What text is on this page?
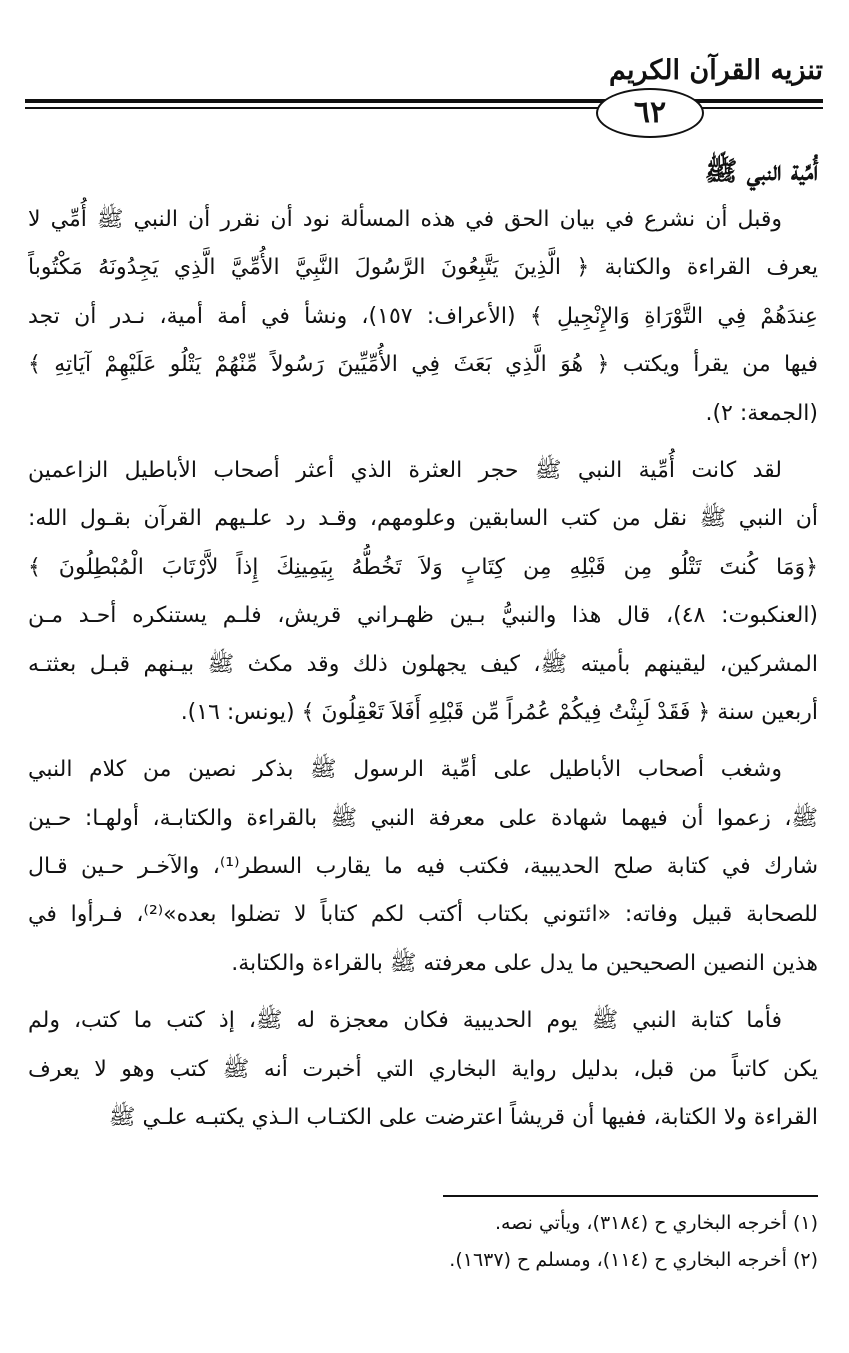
تنزيه القرآن الكريم
٦٢
أُمِّية النبي ﷺ
وقبل أن نشرع في بيان الحق في هذه المسألة نود أن نقرر أن النبي ﷺ أُمِّي لا
يعرف القراءة والكتابة ﴿ الَّذِينَ يَتَّبِعُونَ الرَّسُولَ النَّبِيَّ الأُمِّيَّ الَّذِي يَجِدُونَهُ مَكْتُوباً
عِندَهُمْ فِي التَّوْرَاةِ وَالإِنْجِيلِ ﴾ (الأعراف: ١٥٧)، ونشأ في أمة أمية، نـدر أن تجد
فيها من يقرأ ويكتب ﴿ هُوَ الَّذِي بَعَثَ فِي الأُمِّيِّينَ رَسُولاً مِّنْهُمْ يَتْلُو عَلَيْهِمْ آيَاتِهِ ﴾
(الجمعة: ٢).
لقد كانت أُمِّية النبي ﷺ حجر العثرة الذي أعثر أصحاب الأباطيل الزاعمين
أن النبي ﷺ نقل من كتب السابقين وعلومهم، وقـد رد علـيهم القرآن بقـول الله:
﴿وَمَا كُنتَ تَتْلُو مِن قَبْلِهِ مِن كِتَابٍ وَلاَ تَخُطُّهُ بِيَمِينِكَ إِذاً لاَّرْتَابَ الْمُبْطِلُونَ ﴾
(العنكبوت: ٤٨)، قال هذا والنبيُّ بـين ظهـراني قريش، فلـم يستنكره أحـد مـن
المشركين، ليقينهم بأميته ﷺ، كيف يجهلون ذلك وقد مكث ﷺ بيـنهم قبـل بعثتـه
أربعين سنة ﴿ فَقَدْ لَبِثْتُ فِيكُمْ عُمُراً مِّن قَبْلِهِ أَفَلاَ تَعْقِلُونَ ﴾ (يونس: ١٦).
وشغب أصحاب الأباطيل على أمِّية الرسول ﷺ بذكر نصين من كلام النبي
ﷺ، زعموا أن فيهما شهادة على معرفة النبي ﷺ بالقراءة والكتابـة، أولهـا: حـين
شارك في كتابة صلح الحديبية، فكتب فيه ما يقارب السطر⁽¹⁾، والآخـر حـين قـال
للصحابة قبيل وفاته: «ائتوني بكتاب أكتب لكم كتاباً لا تضلوا بعده»⁽²⁾، فـرأوا في
هذين النصين الصحيحين ما يدل على معرفته ﷺ بالقراءة والكتابة.
فأما كتابة النبي ﷺ يوم الحديبية فكان معجزة له ﷺ، إذ كتب ما كتب، ولم
يكن كاتباً من قبل، بدليل رواية البخاري التي أخبرت أنه ﷺ كتب وهو لا يعرف
القراءة ولا الكتابة، ففيها أن قريشاً اعترضت على الكتـاب الـذي يكتبـه علـي ﷺ
(١) أخرجه البخاري ح (٣١٨٤)، ويأتي نصه.
(٢) أخرجه البخاري ح (١١٤)، ومسلم ح (١٦٣٧).
